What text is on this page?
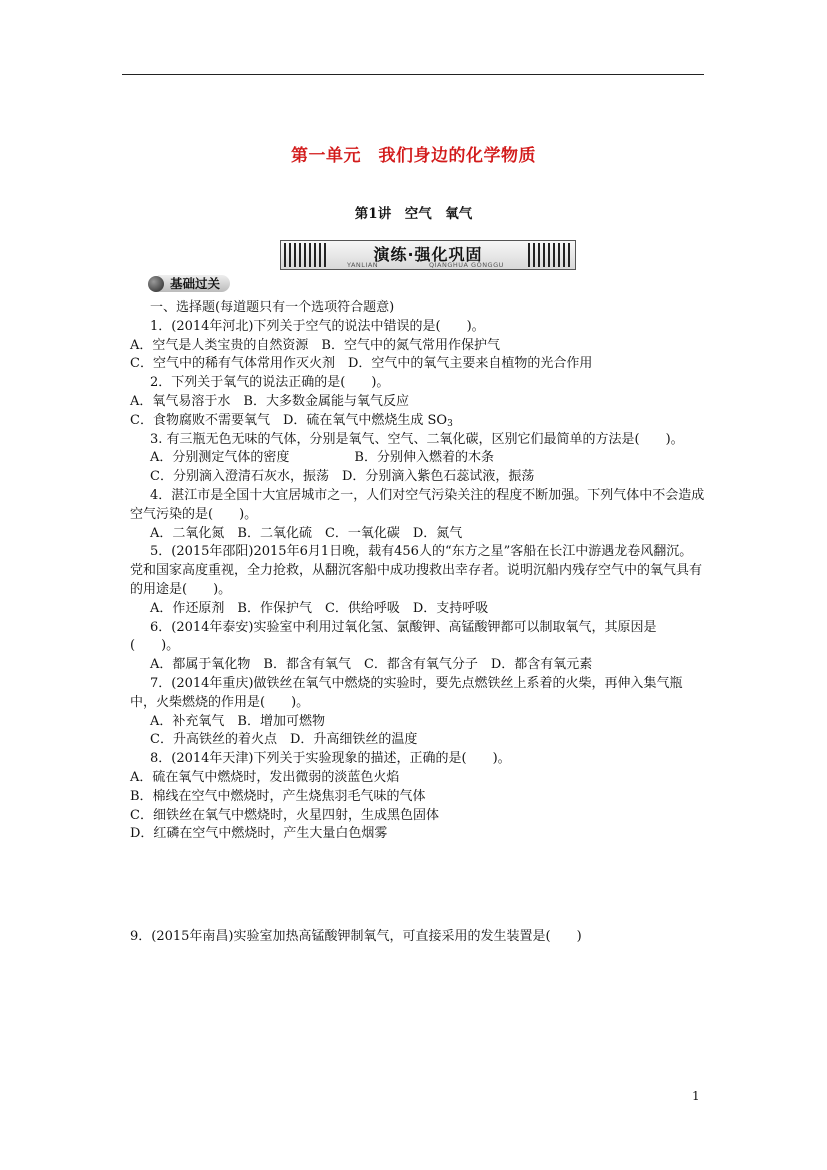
第一单元　我们身边的化学物质
第1讲　空气　氧气
演练·强化巩固
YANLIAN	QIANGHUA GONGGU
基础过关
一、选择题(每道题只有一个选项符合题意)
1．(2014年河北)下列关于空气的说法中错误的是(　　)。
A．空气是人类宝贵的自然资源　B．空气中的氮气常用作保护气
C．空气中的稀有气体常用作灭火剂　D．空气中的氧气主要来自植物的光合作用
2．下列关于氧气的说法正确的是(　　)。
A．氧气易溶于水　B．大多数金属能与氧气反应
C．食物腐败不需要氧气　D．硫在氧气中燃烧生成 $SO_3$
3. 有三瓶无色无味的气体，分别是氧气、空气、二氧化碳，区别它们最简单的方法是(　　)。
A．分别测定气体的密度　　　　　B．分别伸入燃着的木条
C．分别滴入澄清石灰水，振荡　D．分别滴入紫色石蕊试液，振荡
4．湛江市是全国十大宜居城市之一，人们对空气污染关注的程度不断加强。下列气体中不会造成空气污染的是(　　)。
A．二氧化氮　B．二氧化硫　C．一氧化碳　D．氮气
5．(2015年邵阳)2015年6月1日晚，载有456人的“东方之星”客船在长江中游遇龙卷风翻沉。党和国家高度重视，全力抢救，从翻沉客船中成功搜救出幸存者。说明沉船内残存空气中的氧气具有的用途是(　　)。
A．作还原剂　B．作保护气　C．供给呼吸　D．支持呼吸
6．(2014年泰安)实验室中利用过氧化氢、氯酸钾、高锰酸钾都可以制取氧气，其原因是(　　)。
A．都属于氧化物　B．都含有氧气　C．都含有氧气分子　D．都含有氧元素
7．(2014年重庆)做铁丝在氧气中燃烧的实验时，要先点燃铁丝上系着的火柴，再伸入集气瓶中，火柴燃烧的作用是(　　)。
A．补充氧气　B．增加可燃物
C．升高铁丝的着火点　D．升高细铁丝的温度
8．(2014年天津)下列关于实验现象的描述，正确的是(　　)。
A．硫在氧气中燃烧时，发出微弱的淡蓝色火焰
B．棉线在空气中燃烧时，产生烧焦羽毛气味的气体
C．细铁丝在氧气中燃烧时，火星四射，生成黑色固体
D．红磷在空气中燃烧时，产生大量白色烟雾
9．(2015年南昌)实验室加热高锰酸钾制氧气，可直接采用的发生装置是(　　)
1
